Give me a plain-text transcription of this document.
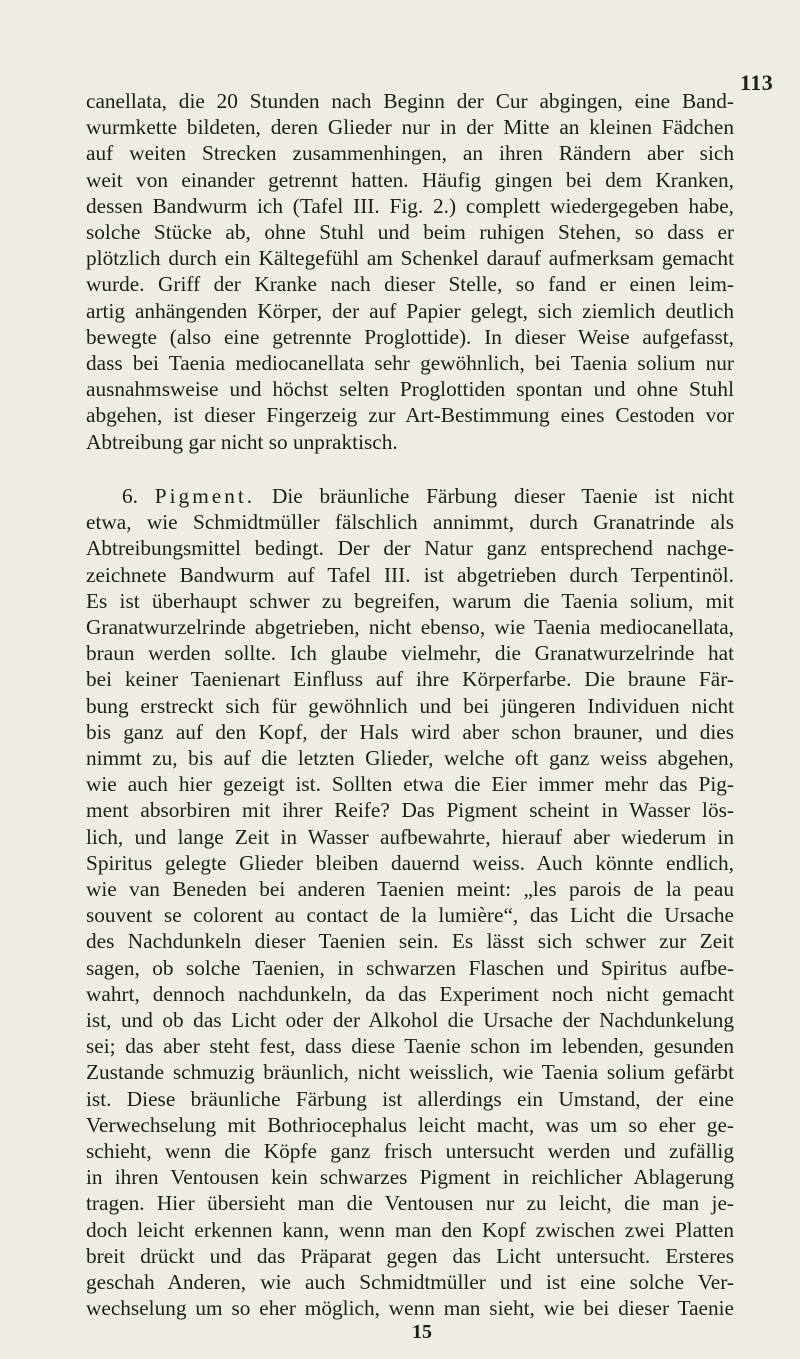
113
canellata, die 20 Stunden nach Beginn der Cur abgingen, eine Band-
wurmkette bildeten, deren Glieder nur in der Mitte an kleinen Fädchen
auf weiten Strecken zusammenhingen, an ihren Rändern aber sich
weit von einander getrennt hatten. Häufig gingen bei dem Kranken,
dessen Bandwurm ich (Tafel III. Fig. 2.) complett wiedergegeben habe,
solche Stücke ab, ohne Stuhl und beim ruhigen Stehen, so dass er
plötzlich durch ein Kältegefühl am Schenkel darauf aufmerksam gemacht
wurde. Griff der Kranke nach dieser Stelle, so fand er einen leim-
artig anhängenden Körper, der auf Papier gelegt, sich ziemlich deutlich
bewegte (also eine getrennte Proglottide). In dieser Weise aufgefasst,
dass bei Taenia mediocanellata sehr gewöhnlich, bei Taenia solium nur
ausnahmsweise und höchst selten Proglottiden spontan und ohne Stuhl
abgehen, ist dieser Fingerzeig zur Art-Bestimmung eines Cestoden vor
Abtreibung gar nicht so unpraktisch.
6. Pigment. Die bräunliche Färbung dieser Taenie ist nicht
etwa, wie Schmidtmüller fälschlich annimmt, durch Granatrinde als
Abtreibungsmittel bedingt. Der der Natur ganz entsprechend nachge-
zeichnete Bandwurm auf Tafel III. ist abgetrieben durch Terpentinöl.
Es ist überhaupt schwer zu begreifen, warum die Taenia solium, mit
Granatwurzelrinde abgetrieben, nicht ebenso, wie Taenia mediocanellata,
braun werden sollte. Ich glaube vielmehr, die Granatwurzelrinde hat
bei keiner Taenienart Einfluss auf ihre Körperfarbe. Die braune Fär-
bung erstreckt sich für gewöhnlich und bei jüngeren Individuen nicht
bis ganz auf den Kopf, der Hals wird aber schon brauner, und dies
nimmt zu, bis auf die letzten Glieder, welche oft ganz weiss abgehen,
wie auch hier gezeigt ist. Sollten etwa die Eier immer mehr das Pig-
ment absorbiren mit ihrer Reife? Das Pigment scheint in Wasser lös-
lich, und lange Zeit in Wasser aufbewahrte, hierauf aber wiederum in
Spiritus gelegte Glieder bleiben dauernd weiss. Auch könnte endlich,
wie van Beneden bei anderen Taenien meint: „les parois de la peau
souvent se colorent au contact de la lumière“, das Licht die Ursache
des Nachdunkeln dieser Taenien sein. Es lässt sich schwer zur Zeit
sagen, ob solche Taenien, in schwarzen Flaschen und Spiritus aufbe-
wahrt, dennoch nachdunkeln, da das Experiment noch nicht gemacht
ist, und ob das Licht oder der Alkohol die Ursache der Nachdunkelung
sei; das aber steht fest, dass diese Taenie schon im lebenden, gesunden
Zustande schmuzig bräunlich, nicht weisslich, wie Taenia solium gefärbt
ist. Diese bräunliche Färbung ist allerdings ein Umstand, der eine
Verwechselung mit Bothriocephalus leicht macht, was um so eher ge-
schieht, wenn die Köpfe ganz frisch untersucht werden und zufällig
in ihren Ventousen kein schwarzes Pigment in reichlicher Ablagerung
tragen. Hier übersieht man die Ventousen nur zu leicht, die man je-
doch leicht erkennen kann, wenn man den Kopf zwischen zwei Platten
breit drückt und das Präparat gegen das Licht untersucht. Ersteres
geschah Anderen, wie auch Schmidtmüller und ist eine solche Ver-
wechselung um so eher möglich, wenn man sieht, wie bei dieser Taenie
15
